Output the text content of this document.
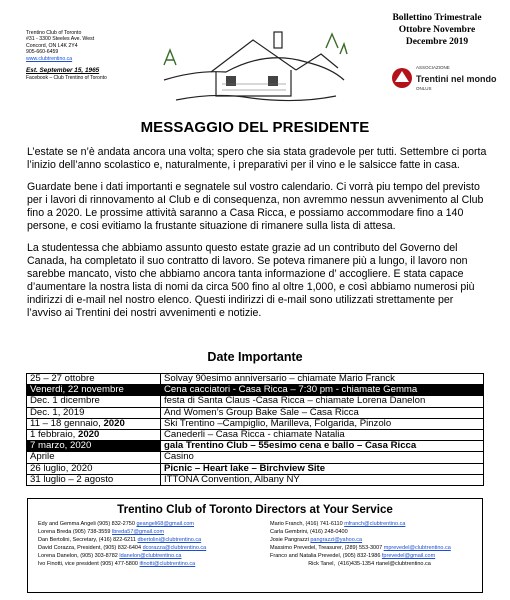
Trentino Club of Toronto
#31 - 3300 Steeles Ave. West
Concord, ON L4K 2Y4
905-660-6459
www.clubtrentino.ca
Est. September 15, 1965
Facebook – Club Trentino of Toronto
Bollettino Trimestrale
Ottobre Novembre
Decembre 2019
ASSOCIAZIONE
Trentini nel mondo
ONLUS
MESSAGGIO DEL PRESIDENTE

L’estate se n’è andata ancora una volta; spero che sia stata gradevole per tutti. Settembre ci porta l’inizio dell’anno scolastico e, naturalmente, i preparativi per il vino e le salsicce fatte in casa.

Guardate bene i dati importanti e segnatele sul vostro calendario. Ci vorrà piu tempo del previsto per i lavori di rinnovamento aI Club e di consequenza, non avremmo nessun avvenimento al Club fino a 2020. Le prossime attività saranno a Casa Ricca, e possiamo accommodare fino a 140 persone, e cosi evitiamo la frustante situazione di rimanere sulla lista di attesa.

La studentessa che abbiamo assunto questo estate grazie ad un contributo del Governo del Canada, ha completato il suo contratto di lavoro. Se poteva rimanere più a lungo, il lavoro non sarebbe mancato, visto che abbiamo ancora tanta informazione d’ accogliere. E stata capace d’aumentare la nostra lista di nomi da circa 500 fino al oltre 1,000, e così abbiamo numerosi più indirizzi di e-mail nel nostro elenco. Questi indirizzi di e-mail sono utilizzati strettamente per l’avviso ai Trentini dei nostri avvenimenti e notizie.

Date Importante
25 – 27 ottobre	Solvay 90esimo anniversario – chiamate Mario Franck
Venerdi, 22 novembre	Cena cacciatori - Casa Ricca – 7:30 pm - chiamate Gemma
Dec. 1 dicembre	festa di Santa Claus -Casa Ricca – chiamate Lorena Danelon
Dec. 1, 2019	And Women’s Group Bake Sale – Casa Ricca
11 – 18 gennaio, 2020	Ski Trentino –Campiglio, Marilleva, Folgarida, Pinzolo
1 febbraio, 2020	Canederli – Casa Ricca - chiamate Natalia
7 marzo, 2020	gala Trentino Club – 55esimo cena e ballo – Casa Ricca
Aprile	Casino
26 luglio, 2020	Picnic – Heart lake – Birchview Site
31 luglio – 2 agosto	ITTONA Convention, Albany NY
Trentino Club of Toronto Directors at Your Service
Edy and Gemma Angeli (905) 832-2750 geangeli68@gmail.com
Lorena Breda (905) 738-3559 lbreda57@gmail.com
Dan Bertolini, Secretary, (416) 822-6211 dbertolini@clubtrentino.ca
David Corazza, President, (905) 832-6404 dcorazza@clubtrentino.ca
Lorena Danelon, (905) 303-8782 ldanelon@clubtrentino.ca
Ivo Finotti, vice president (905) 477-5800 ifinotti@clubtrentino.ca
Mario Franch, (416) 741-6110 mfranch@clubtrentino.ca
Carla Gembrini, (416) 248-0400
Josie Pangrazzi pangrazzi@yahoo.ca
Massimo Prevedel, Treasurer, (289) 553-3007 mprevedel@clubtrentino.ca
Franco and Natalia Prevedel, (905) 832-1986 fprevedel@gmail.com
Rick Tanel,  (416)435-1354 rtanel@clubtrentino.ca
